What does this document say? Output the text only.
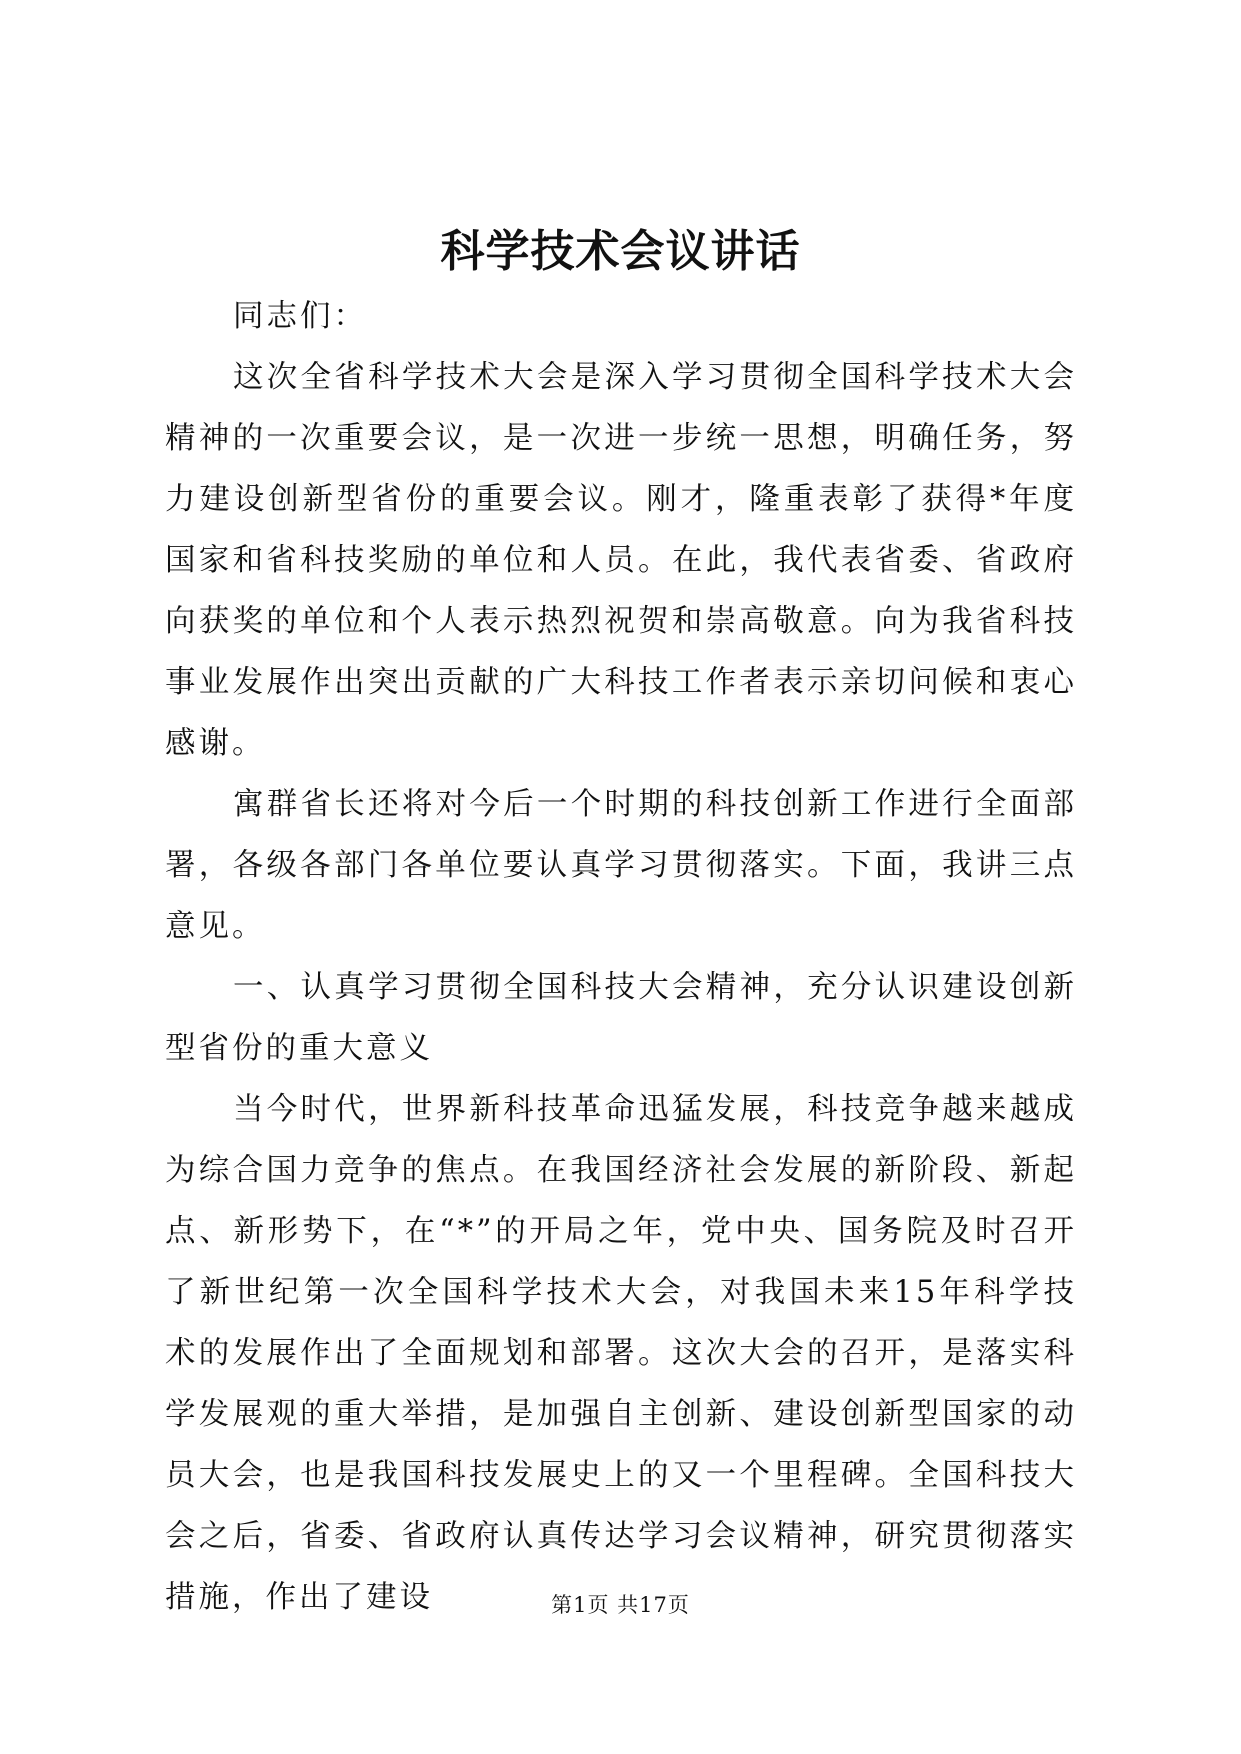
科学技术会议讲话

同志们：

这次全省科学技术大会是深入学习贯彻全国科学技术大会精神的一次重要会议，是一次进一步统一思想，明确任务，努力建设创新型省份的重要会议。刚才，隆重表彰了获得*年度国家和省科技奖励的单位和人员。在此，我代表省委、省政府向获奖的单位和个人表示热烈祝贺和崇高敬意。向为我省科技事业发展作出突出贡献的广大科技工作者表示亲切问候和衷心感谢。

寓群省长还将对今后一个时期的科技创新工作进行全面部署，各级各部门各单位要认真学习贯彻落实。下面，我讲三点意见。

一、认真学习贯彻全国科技大会精神，充分认识建设创新型省份的重大意义

当今时代，世界新科技革命迅猛发展，科技竞争越来越成为综合国力竞争的焦点。在我国经济社会发展的新阶段、新起点、新形势下，在“*”的开局之年，党中央、国务院及时召开了新世纪第一次全国科学技术大会，对我国未来15年科学技术的发展作出了全面规划和部署。这次大会的召开，是落实科学发展观的重大举措，是加强自主创新、建设创新型国家的动员大会，也是我国科技发展史上的又一个里程碑。全国科技大会之后，省委、省政府认真传达学习会议精神，研究贯彻落实措施，作出了建设	第1页 共17页
